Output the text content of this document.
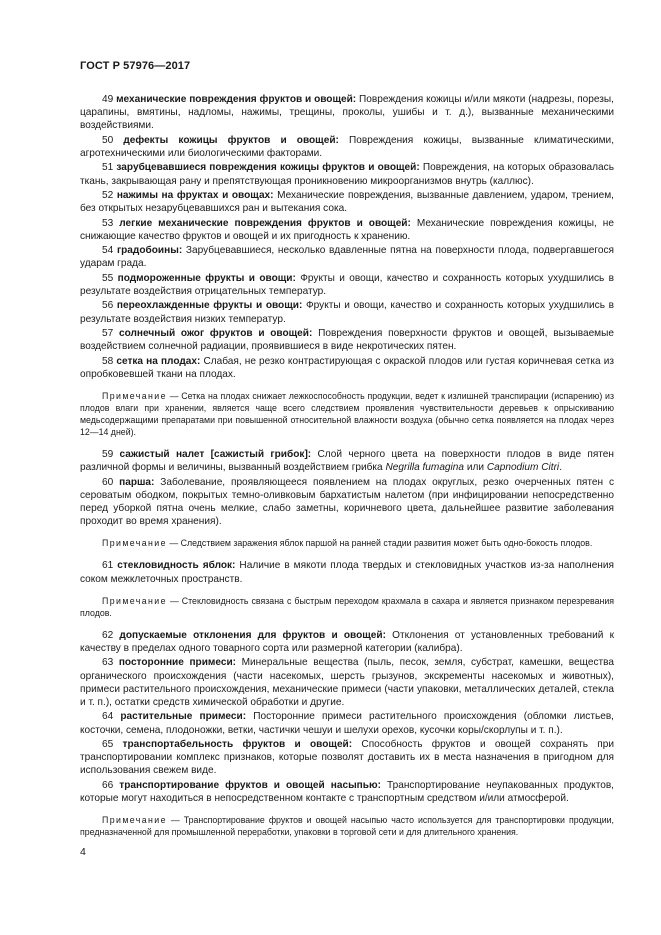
ГОСТ Р 57976—2017

49 механические повреждения фруктов и овощей: Повреждения кожицы и/или мякоти (надрезы, порезы, царапины, вмятины, надломы, нажимы, трещины, проколы, ушибы и т. д.), вызванные механическими воздействиями.

50 дефекты кожицы фруктов и овощей: Повреждения кожицы, вызванные климатическими, агротехническими или биологическими факторами.

51 зарубцевавшиеся повреждения кожицы фруктов и овощей: Повреждения, на которых образовалась ткань, закрывающая рану и препятствующая проникновению микроорганизмов внутрь (каллюс).

52 нажимы на фруктах и овощах: Механические повреждения, вызванные давлением, ударом, трением, без открытых незарубцевавшихся ран и вытекания сока.

53 легкие механические повреждения фруктов и овощей: Механические повреждения кожицы, не снижающие качество фруктов и овощей и их пригодность к хранению.

54 градобоины: Зарубцевавшиеся, несколько вдавленные пятна на поверхности плода, подвергавшегося ударам града.

55 подмороженные фрукты и овощи: Фрукты и овощи, качество и сохранность которых ухудшились в результате воздействия отрицательных температур.

56 переохлажденные фрукты и овощи: Фрукты и овощи, качество и сохранность которых ухудшились в результате воздействия низких температур.

57 солнечный ожог фруктов и овощей: Повреждения поверхности фруктов и овощей, вызываемые воздействием солнечной радиации, проявившиеся в виде некротических пятен.

58 сетка на плодах: Слабая, не резко контрастирующая с окраской плодов или густая коричневая сетка из опробковевшей ткани на плодах.

Примечание — Сетка на плодах снижает лежкоспособность продукции, ведет к излишней транспирации (испарению) из плодов влаги при хранении, является чаще всего следствием проявления чувствительности деревьев к опрыскиванию медьсодержащими препаратами при повышенной относительной влажности воздуха (обычно сетка появляется на плодах через 12—14 дней).

59 сажистый налет [сажистый грибок]: Слой черного цвета на поверхности плодов в виде пятен различной формы и величины, вызванный воздействием грибка Negrilla fumagina или Capnodium Citri.

60 парша: Заболевание, проявляющееся появлением на плодах округлых, резко очерченных пятен с сероватым ободком, покрытых темно-оливковым бархатистым налетом (при инфицировании непосредственно перед уборкой пятна очень мелкие, слабо заметны, коричневого цвета, дальнейшее развитие заболевания проходит во время хранения).

Примечание — Следствием заражения яблок паршой на ранней стадии развития может быть одно-бокость плодов.

61 стекловидность яблок: Наличие в мякоти плода твердых и стекловидных участков из-за наполнения соком межклеточных пространств.

Примечание — Стекловидность связана с быстрым переходом крахмала в сахара и является признаком перезревания плодов.

62 допускаемые отклонения для фруктов и овощей: Отклонения от установленных требований к качеству в пределах одного товарного сорта или размерной категории (калибра).

63 посторонние примеси: Минеральные вещества (пыль, песок, земля, субстрат, камешки, вещества органического происхождения (части насекомых, шерсть грызунов, экскременты насекомых и животных), примеси растительного происхождения, механические примеси (части упаковки, металлических деталей, стекла и т. п.), остатки средств химической обработки и другие.

64 растительные примеси: Посторонние примеси растительного происхождения (обломки листьев, косточки, семена, плодоножки, ветки, частички чешуи и шелухи орехов, кусочки коры/скорлупы и т. п.).

65 транспортабельность фруктов и овощей: Способность фруктов и овощей сохранять при транспортировании комплекс признаков, которые позволят доставить их в места назначения в пригодном для использования свежем виде.

66 транспортирование фруктов и овощей насыпью: Транспортирование неупакованных продуктов, которые могут находиться в непосредственном контакте с транспортным средством и/или атмосферой.

Примечание — Транспортирование фруктов и овощей насыпью часто используется для транспортировки продукции, предназначенной для промышленной переработки, упаковки в торговой сети и для длительного хранения.

4
